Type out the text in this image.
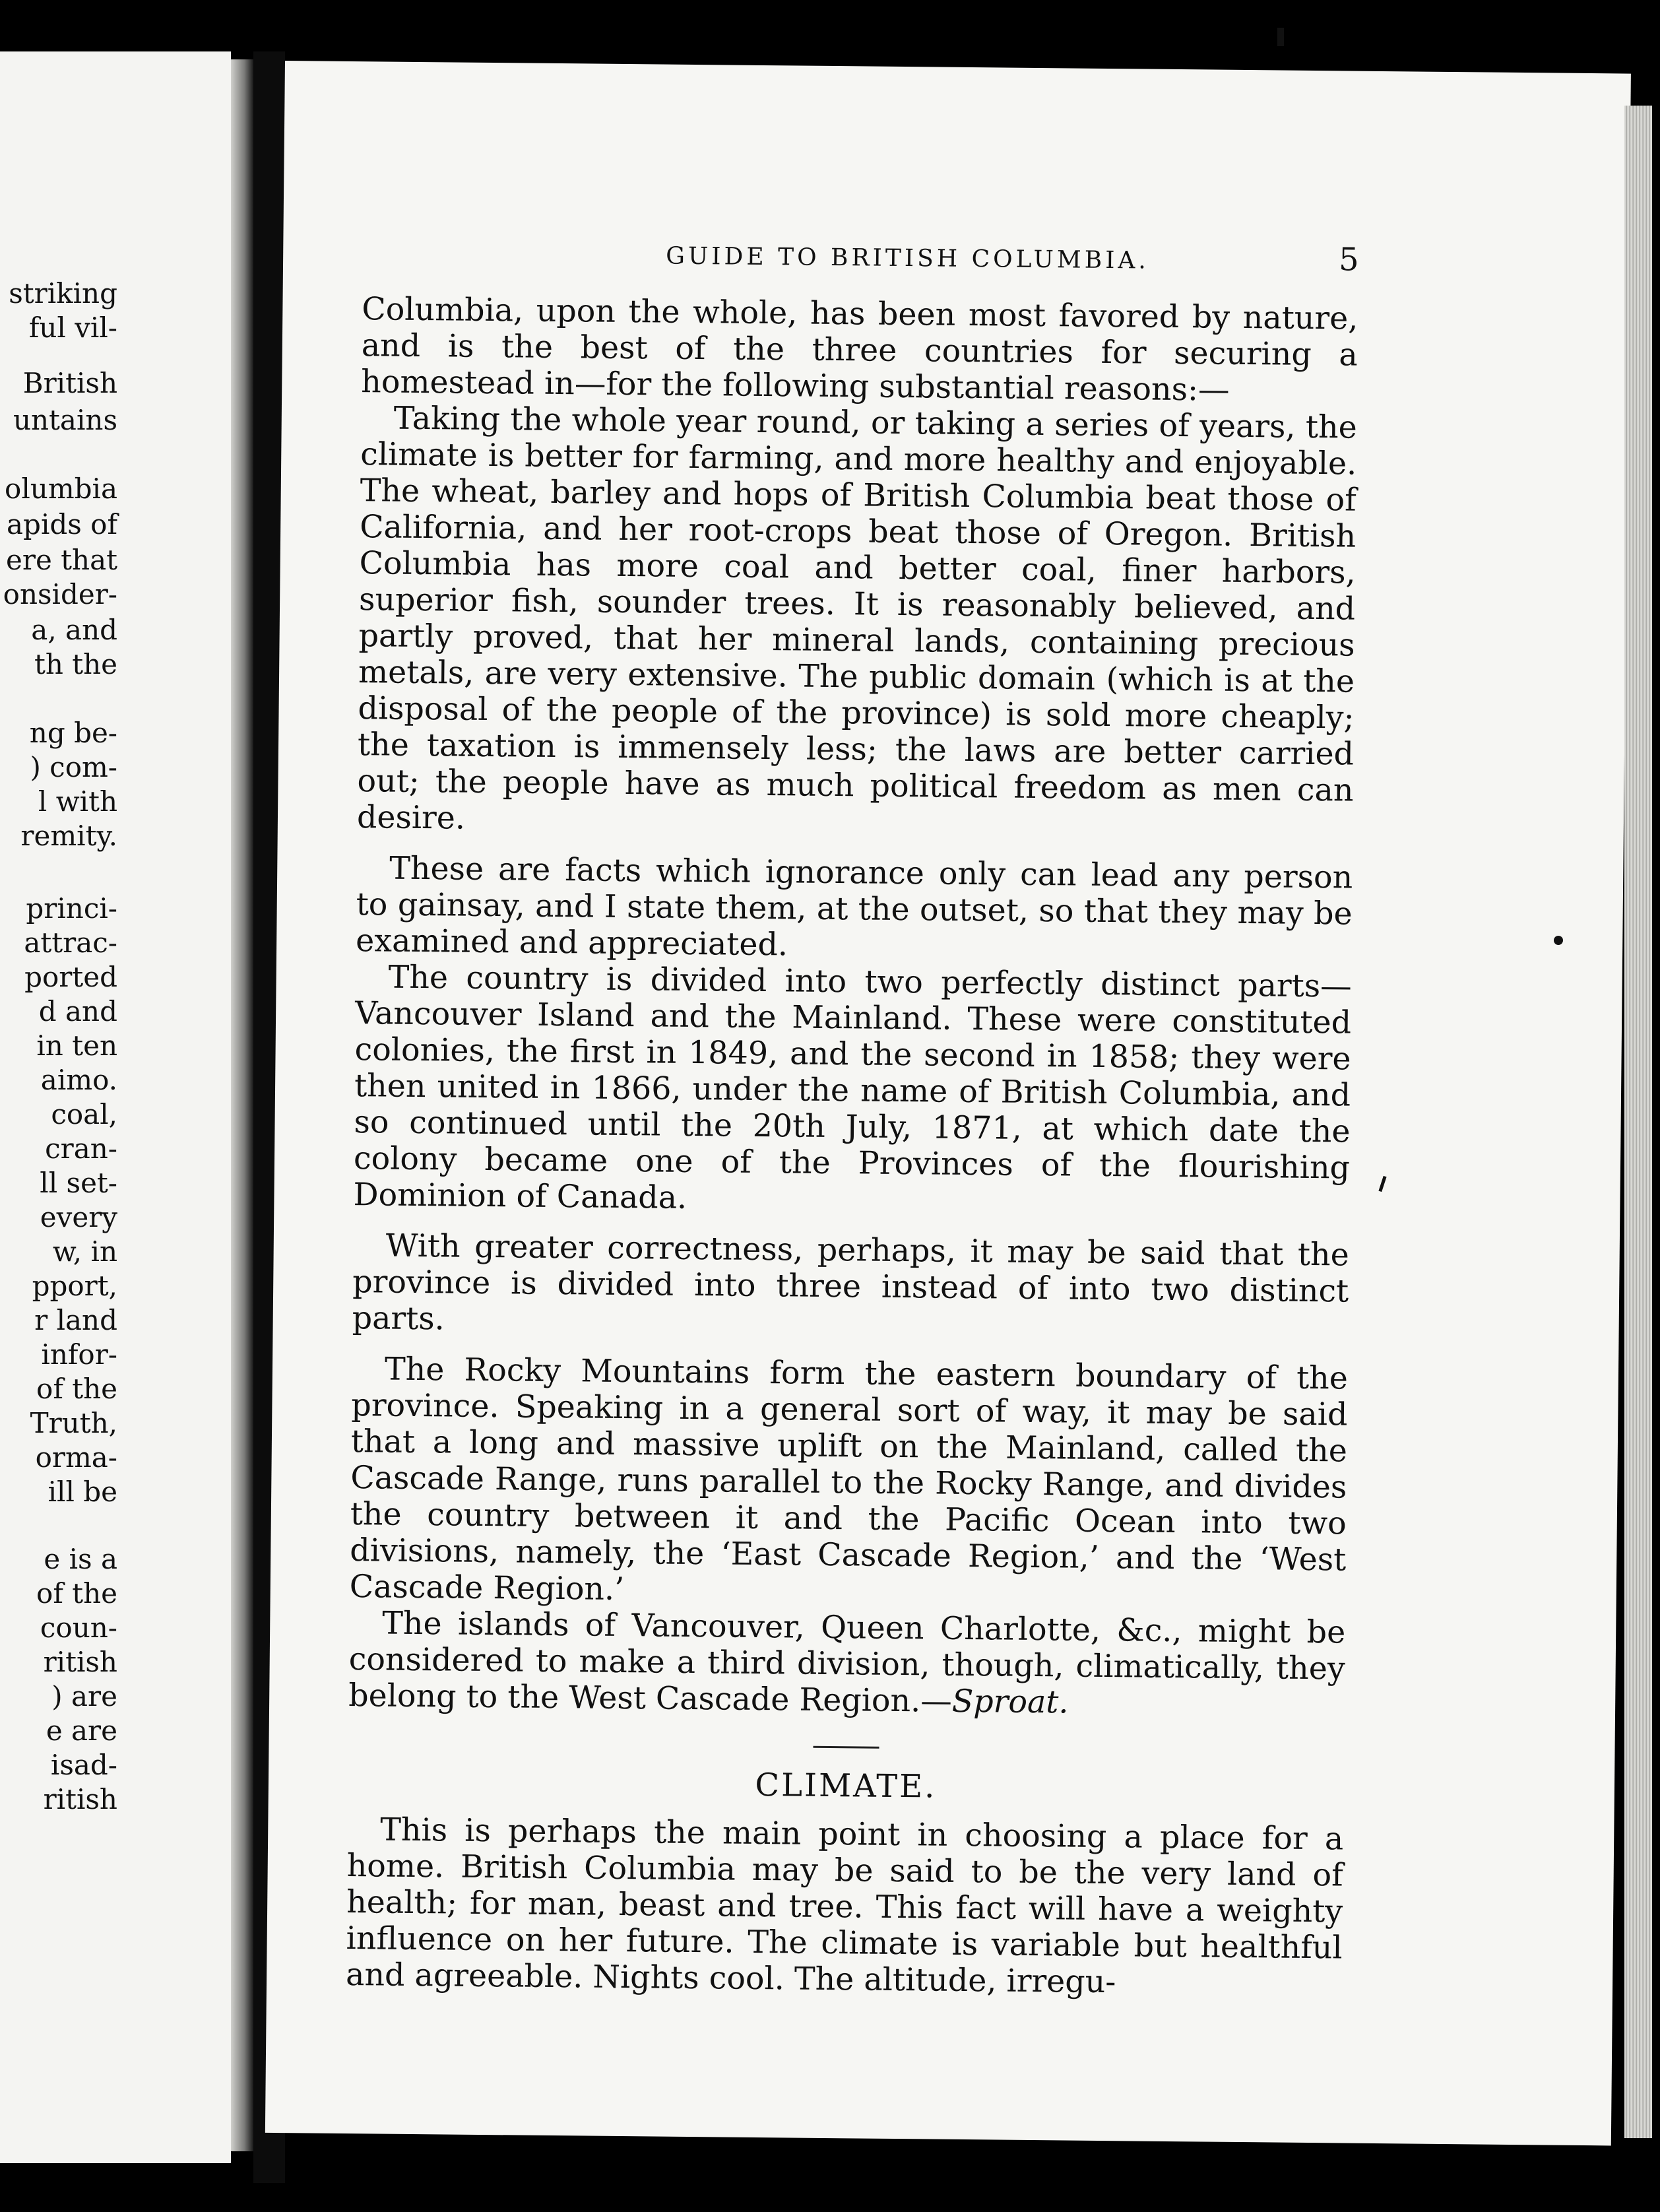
striking
ful vil-
British
untains
olumbia
apids of
ere that
onsider-
a, and
th the
ng be-
) com-
l with
remity.
princi-
attrac-
ported
d and
in ten
aimo.
coal,
cran-
ll set-
every
w, in
pport,
r land
infor-
of the
Truth,
orma-
ill be
e is a
of the
coun-
ritish
) are
e are
isad-
ritish
GUIDE TO BRITISH COLUMBIA.	5

Columbia, upon the whole, has been most favored by nature, and is the best of the three countries for securing a homestead in—for the following substantial reasons:—

Taking the whole year round, or taking a series of years, the climate is better for farming, and more healthy and enjoyable. The wheat, barley and hops of British Columbia beat those of California, and her root-crops beat those of Oregon. British Columbia has more coal and better coal, finer harbors, superior fish, sounder trees. It is reasonably believed, and partly proved, that her mineral lands, containing precious metals, are very extensive. The public domain (which is at the disposal of the people of the province) is sold more cheaply; the taxation is immensely less; the laws are better carried out; the people have as much political freedom as men can desire.

These are facts which ignorance only can lead any person to gainsay, and I state them, at the outset, so that they may be examined and appreciated.

The country is divided into two perfectly distinct parts—Vancouver Island and the Mainland. These were constituted colonies, the first in 1849, and the second in 1858; they were then united in 1866, under the name of British Columbia, and so continued until the 20th July, 1871, at which date the colony became one of the Provinces of the flourishing Dominion of Canada.

With greater correctness, perhaps, it may be said that the province is divided into three instead of into two distinct parts.

The Rocky Mountains form the eastern boundary of the province. Speaking in a general sort of way, it may be said that a long and massive uplift on the Mainland, called the Cascade Range, runs parallel to the Rocky Range, and divides the country between it and the Pacific Ocean into two divisions, namely, the ‘East Cascade Region,’ and the ‘West Cascade Region.’

The islands of Vancouver, Queen Charlotte, &c., might be considered to make a third division, though, climatically, they belong to the West Cascade Region.—Sproat.

CLIMATE.

This is perhaps the main point in choosing a place for a home. British Columbia may be said to be the very land of health; for man, beast and tree. This fact will have a weighty influence on her future. The climate is variable but healthful and agreeable. Nights cool. The altitude, irregu-
